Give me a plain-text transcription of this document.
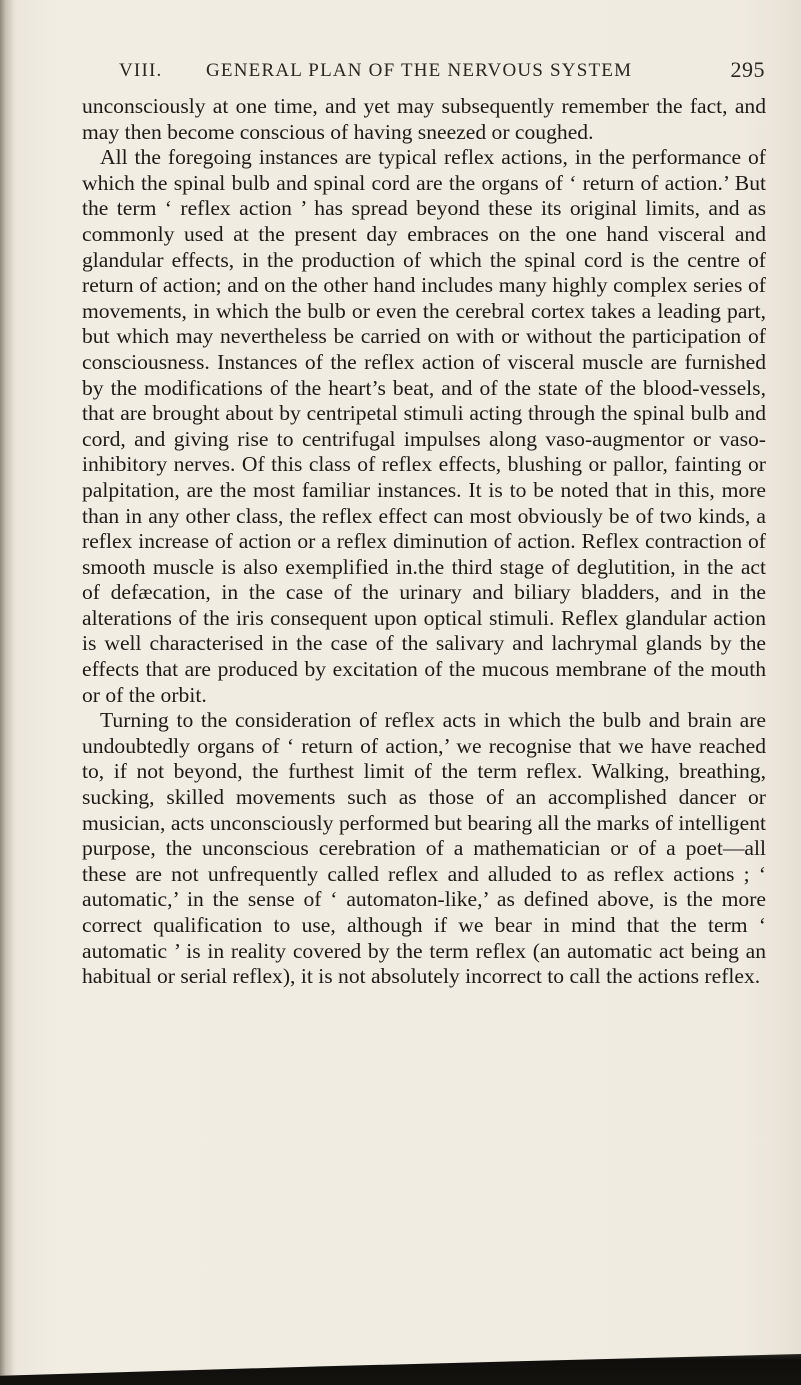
VIII. GENERAL PLAN OF THE NERVOUS SYSTEM	295

unconsciously at one time, and yet may subsequently remember the fact, and may then become conscious of having sneezed or coughed.

All the foregoing instances are typical reflex actions, in the performance of which the spinal bulb and spinal cord are the organs of ‘ return of action.’ But the term ‘ reflex action ’ has spread beyond these its original limits, and as commonly used at the present day embraces on the one hand visceral and glandular effects, in the production of which the spinal cord is the centre of return of action; and on the other hand includes many highly complex series of movements, in which the bulb or even the cerebral cortex takes a leading part, but which may nevertheless be carried on with or without the participation of consciousness. Instances of the reflex action of visceral muscle are furnished by the modifications of the heart’s beat, and of the state of the blood-vessels, that are brought about by centripetal stimuli acting through the spinal bulb and cord, and giving rise to centrifugal impulses along vaso-augmentor or vaso-inhibitory nerves. Of this class of reflex effects, blushing or pallor, fainting or palpitation, are the most familiar instances. It is to be noted that in this, more than in any other class, the reflex effect can most obviously be of two kinds, a reflex increase of action or a reflex diminution of action. Reflex contraction of smooth muscle is also exemplified in.the third stage of deglutition, in the act of defæcation, in the case of the urinary and biliary bladders, and in the alterations of the iris consequent upon optical stimuli. Reflex glandular action is well characterised in the case of the salivary and lachrymal glands by the effects that are produced by excitation of the mucous membrane of the mouth or of the orbit.

Turning to the consideration of reflex acts in which the bulb and brain are undoubtedly organs of ‘ return of action,’ we recognise that we have reached to, if not beyond, the furthest limit of the term reflex. Walking, breathing, sucking, skilled movements such as those of an accomplished dancer or musician, acts unconsciously performed but bearing all the marks of intelligent purpose, the unconscious cerebration of a mathematician or of a poet—all these are not unfrequently called reflex and alluded to as reflex actions ; ‘ automatic,’ in the sense of ‘ automaton-like,’ as defined above, is the more correct qualification to use, although if we bear in mind that the term ‘ automatic ’ is in reality covered by the term reflex (an automatic act being an habitual or serial reflex), it is not absolutely incorrect to call the actions reflex.
